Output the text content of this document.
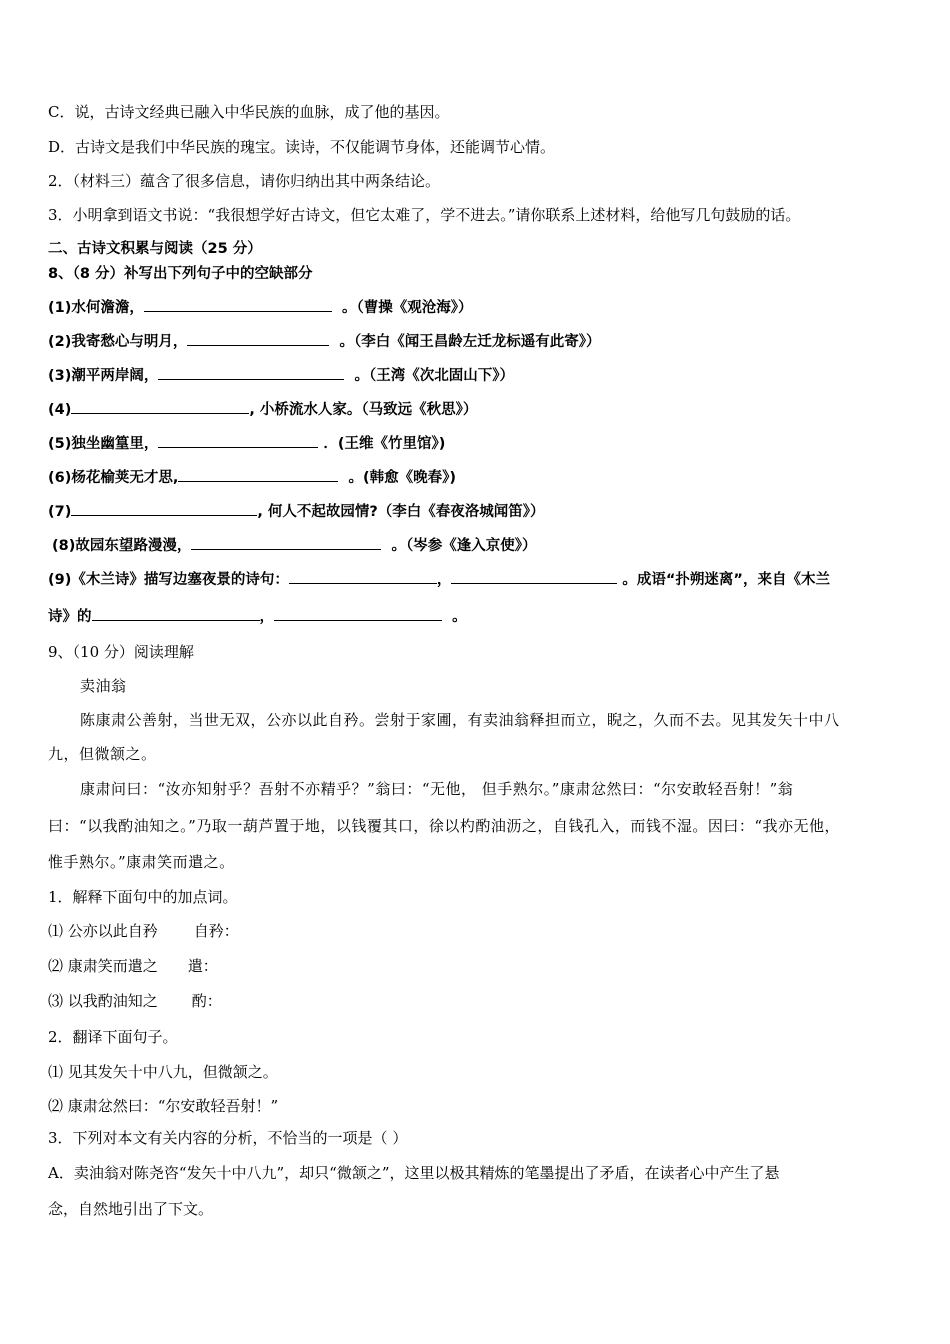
C．说，古诗文经典已融入中华民族的血脉，成了他的基因。
D．古诗文是我们中华民族的瑰宝。读诗，不仅能调节身体，还能调节心情。
2．（材料三）蕴含了很多信息，请你归纳出其中两条结论。
3．小明拿到语文书说：“我很想学好古诗文，但它太难了，学不进去。”请你联系上述材料，给他写几句鼓励的话。
二、古诗文积累与阅读（25 分）
8、（8 分）补写出下列句子中的空缺部分
(1)水何澹澹，	。（曹操《观沧海》）
(2)我寄愁心与明月，	。（李白《闻王昌龄左迁龙标遥有此寄》）
(3)潮平两岸阔，	。（王湾《次北固山下》）
(4)	, 小桥流水人家。（马致远《秋思》）
(5)独坐幽篁里，	．(王维《竹里馆》)
(6)杨花榆荚无才思,	。(韩愈《晚春》)
(7)	, 何人不起故园情?（李白《春夜洛城闻笛》）
(8)故园东望路漫漫，	。（岑参《逢入京使》）
(9)《木兰诗》描写边塞夜景的诗句：	，	。成语“扑朔迷离”，来自《木兰
诗》的	，	。
9、（10 分）阅读理解
卖油翁
陈康肃公善射，当世无双，公亦以此自矜。尝射于家圃，有卖油翁释担而立，睨之，久而不去。见其发矢十中八
九，但微颔之。
康肃问曰：“汝亦知射乎？吾射不亦精乎？”翁曰：“无他， 但手熟尔。”康肃忿然曰：“尔安敢轻吾射！”翁
曰：“以我酌油知之。”乃取一葫芦置于地，以钱覆其口，徐以杓酌油沥之，自钱孔入，而钱不湿。因曰：“我亦无他，
惟手熟尔。”康肃笑而遣之。
1．解释下面句中的加点词。
⑴ 公亦以此自矜 自矜：
⑵ 康肃笑而遣之 遣：
⑶ 以我酌油知之 酌：
2．翻译下面句子。
⑴ 见其发矢十中八九，但微颔之。
⑵ 康肃忿然曰：“尔安敢轻吾射！”
3．下列对本文有关内容的分析，不恰当的一项是（ ）
A．卖油翁对陈尧咨“发矢十中八九”，却只“微颔之”，这里以极其精炼的笔墨提出了矛盾，在读者心中产生了悬
念，自然地引出了下文。
